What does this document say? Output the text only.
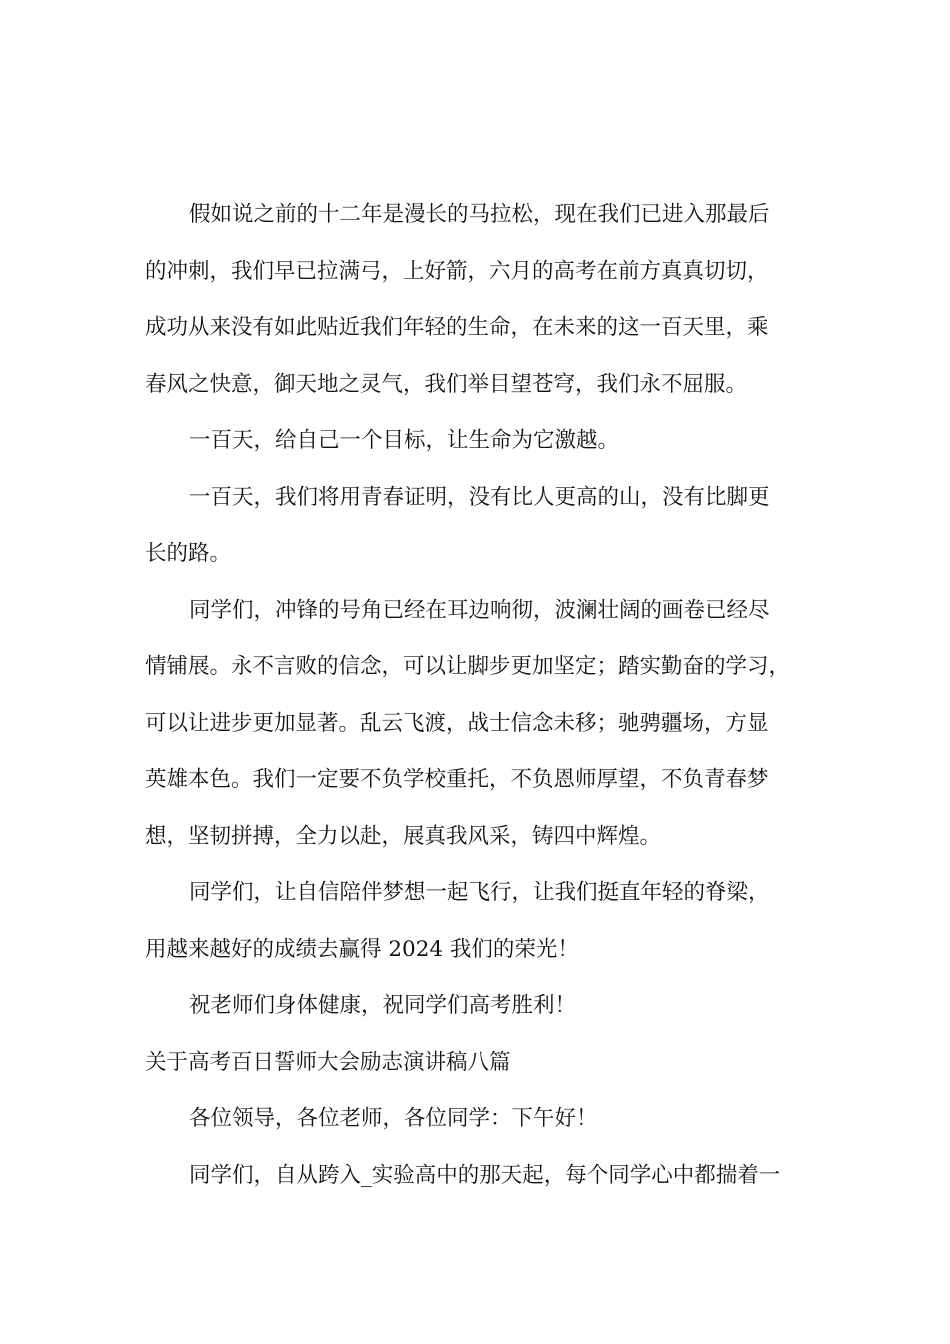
假如说之前的十二年是漫长的马拉松，现在我们已进入那最后
的冲刺，我们早已拉满弓，上好箭，六月的高考在前方真真切切，
成功从来没有如此贴近我们年轻的生命，在未来的这一百天里，乘
春风之快意，御天地之灵气，我们举目望苍穹，我们永不屈服。

一百天，给自己一个目标，让生命为它激越。

一百天，我们将用青春证明，没有比人更高的山，没有比脚更
长的路。

同学们，冲锋的号角已经在耳边响彻，波澜壮阔的画卷已经尽
情铺展。永不言败的信念，可以让脚步更加坚定；踏实勤奋的学习，
可以让进步更加显著。乱云飞渡，战士信念未移；驰骋疆场，方显
英雄本色。我们一定要不负学校重托，不负恩师厚望，不负青春梦
想，坚韧拼搏，全力以赴，展真我风采，铸四中辉煌。

同学们，让自信陪伴梦想一起飞行，让我们挺直年轻的脊梁，
用越来越好的成绩去赢得 2024 我们的荣光！

祝老师们身体健康，祝同学们高考胜利！

关于高考百日誓师大会励志演讲稿八篇

各位领导，各位老师，各位同学：下午好！

同学们，自从跨入_实验高中的那天起，每个同学心中都揣着一
